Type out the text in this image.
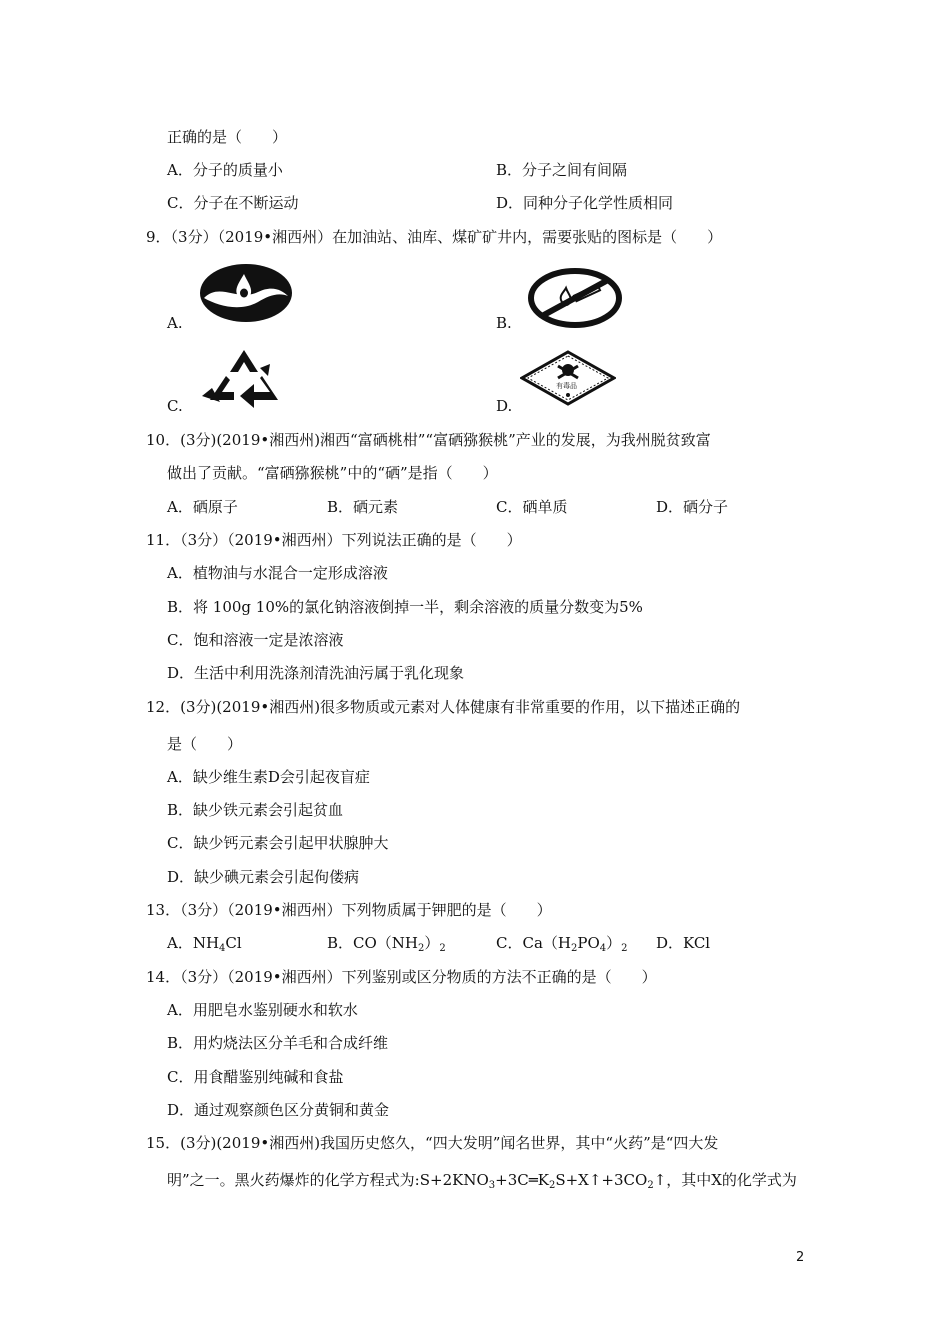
正确的是（　　）
A．分子的质量小	B．分子之间有间隔
C．分子在不断运动	D．同种分子化学性质相同
9．（3分）（2019•湘西州）在加油站、油库、煤矿矿井内，需要张贴的图标是（　　）
A.	B.
C.	D.
有毒品
10．(3分)(2019•湘西州)湘西“富硒桃柑”“富硒猕猴桃”产业的发展，为我州脱贫致富
做出了贡献。“富硒猕猴桃”中的“硒”是指（　　）
A．硒原子	B．硒元素	C．硒单质	D．硒分子
11．（3分）（2019•湘西州）下列说法正确的是（　　）
A．植物油与水混合一定形成溶液
B．将 100g 10%的氯化钠溶液倒掉一半，剩余溶液的质量分数变为5%
C．饱和溶液一定是浓溶液
D．生活中利用洗涤剂清洗油污属于乳化现象
12．(3分)(2019•湘西州)很多物质或元素对人体健康有非常重要的作用，以下描述正确的
是（　　）
A．缺少维生素D会引起夜盲症
B．缺少铁元素会引起贫血
C．缺少钙元素会引起甲状腺肿大
D．缺少碘元素会引起佝偻病
13．（3分）（2019•湘西州）下列物质属于钾肥的是（　　）
A．$NH_4Cl$	B．$CO(NH_2)_2$	C．$Ca(H_2PO_4)_2$ D．KCl
14．（3分）（2019•湘西州）下列鉴别或区分物质的方法不正确的是（　　）
A．用肥皂水鉴别硬水和软水
B．用灼烧法区分羊毛和合成纤维
C．用食醋鉴别纯碱和食盐
D．通过观察颜色区分黄铜和黄金
15．(3分)(2019•湘西州)我国历史悠久，“四大发明”闻名世界，其中“火药”是“四大发
明”之一。黑火药爆炸的化学方程式为$:S+2KNO_3+3C═K_2S+X↑+3CO_2↑$，其中X的化学式为
2
